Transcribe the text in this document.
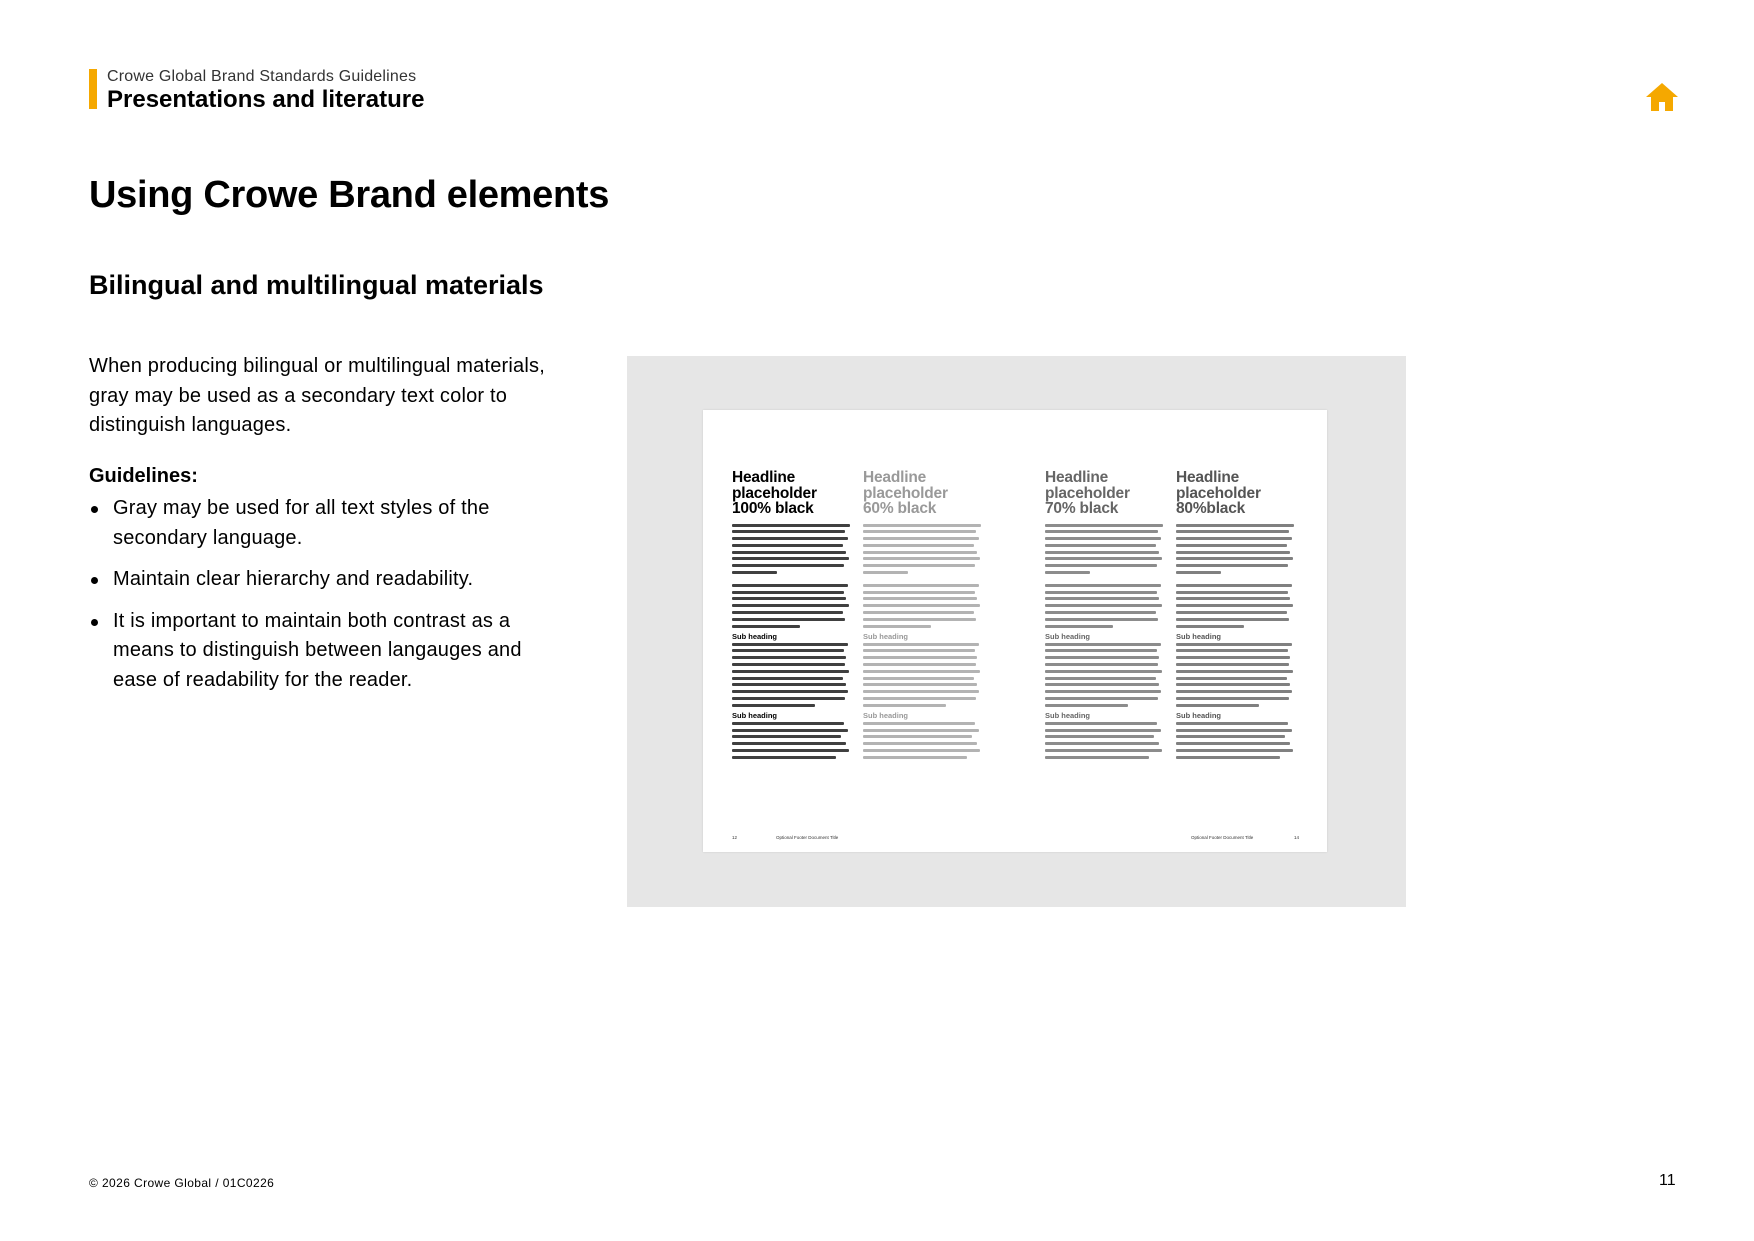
Crowe Global Brand Standards Guidelines
Presentations and literature
Using Crowe Brand elements
Bilingual and multilingual materials

When producing bilingual or multilingual materials, gray may be used as a secondary text color to distinguish languages.

Guidelines:

Gray may be used for all text styles of the secondary language.
Maintain clear hierarchy and readability.
It is important to maintain both contrast as a means to distinguish between langauges and ease of readability for the reader.
Headline
placeholder
100% black
Sub heading
Sub heading
Headline
placeholder
60% black
Sub heading
Sub heading
Headline
placeholder
70% black
Sub heading
Sub heading
Headline
placeholder
80%black
Sub heading
Sub heading
12	Optional Footer Document Title	Optional Footer Document Title	14
© 2026 Crowe Global / 01C0226	11
